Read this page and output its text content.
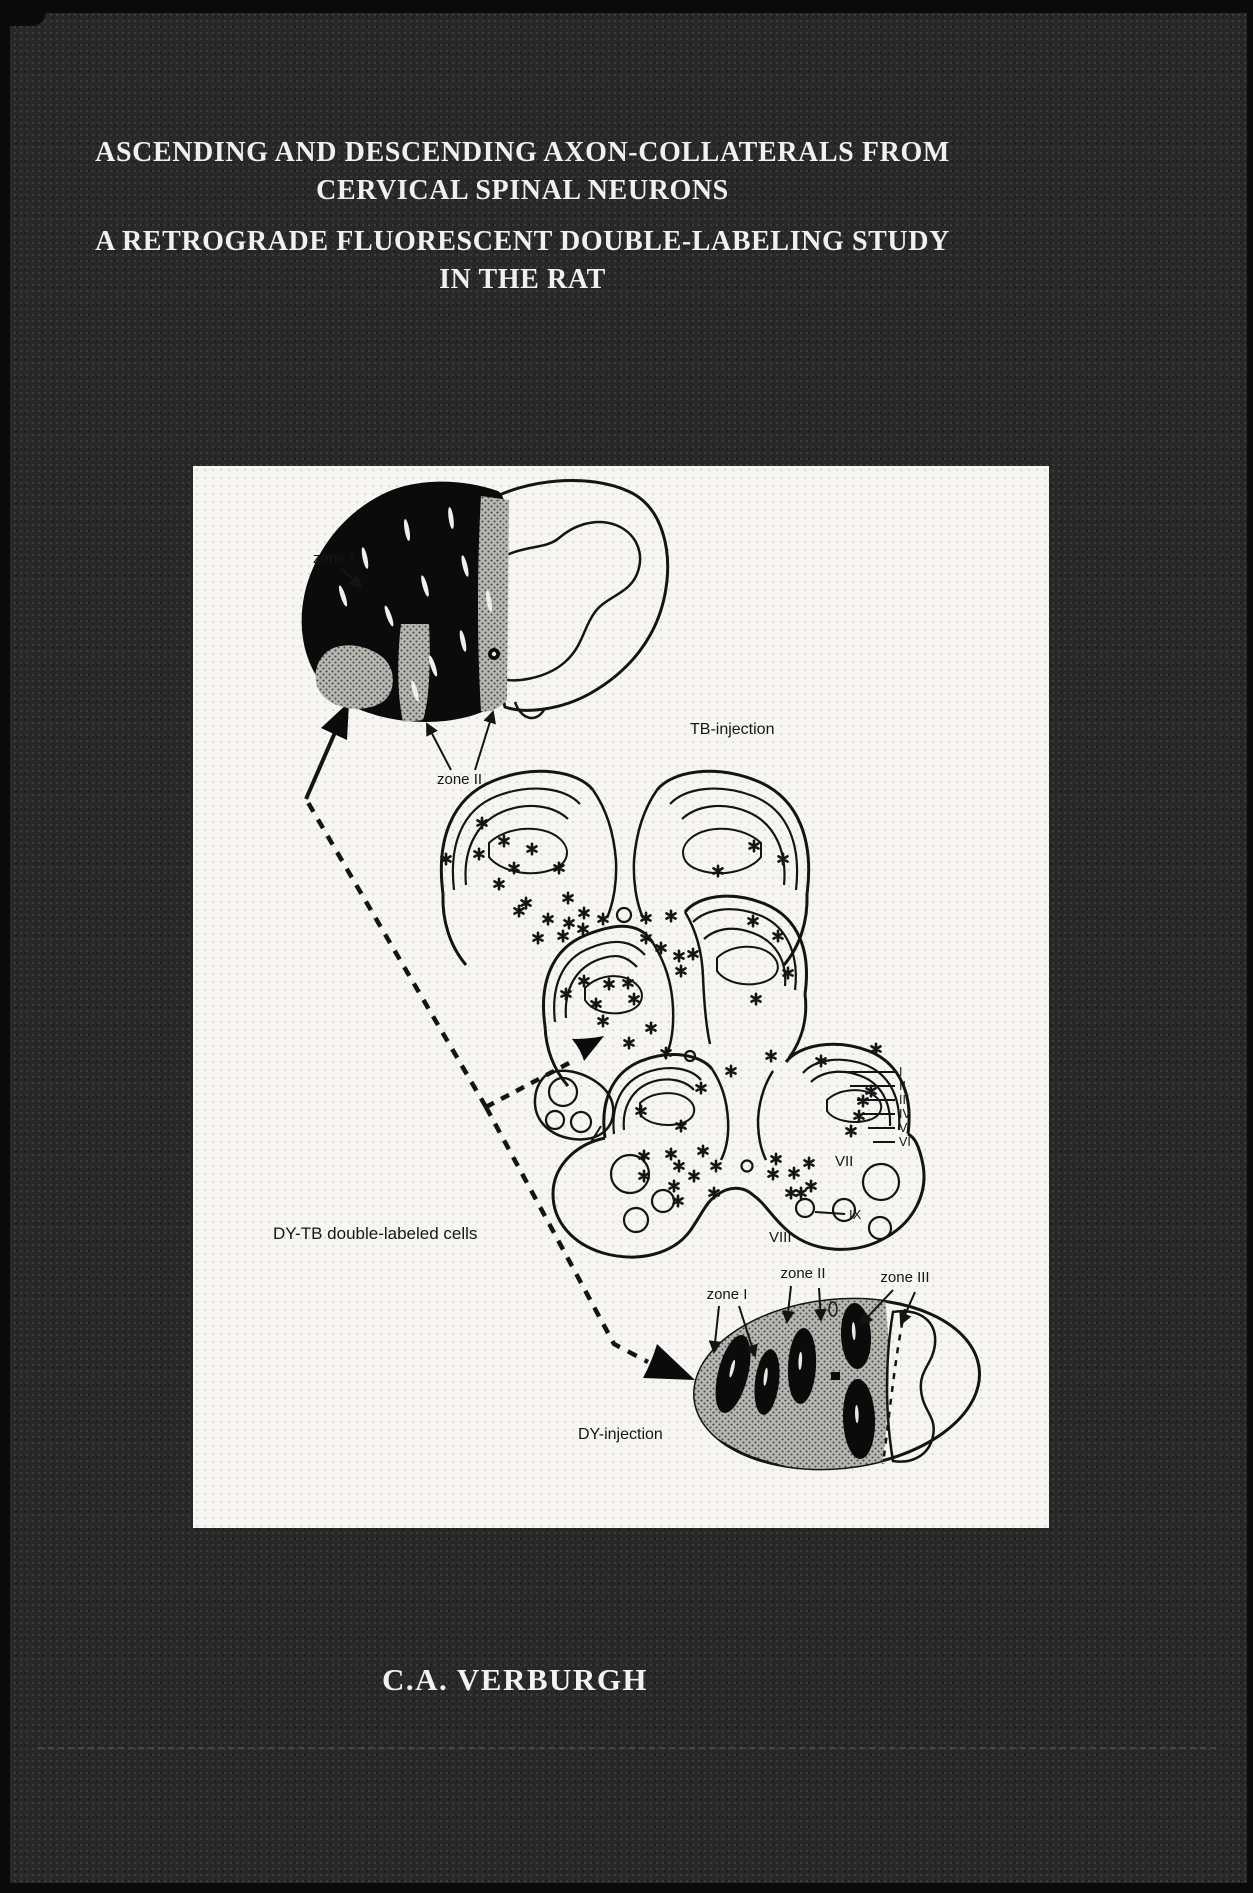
ASCENDING AND DESCENDING AXON-COLLATERALS FROM
CERVICAL SPINAL NEURONS
A RETROGRADE FLUORESCENT DOUBLE-LABELING STUDY
IN THE RAT
zone I
zone II
TB-injection
I
II
III
IV
V
VI
VII
VIII
IX
DY-TB double-labeled cells
zone I
zone II	zone III
DY-injection
C.A. VERBURGH
